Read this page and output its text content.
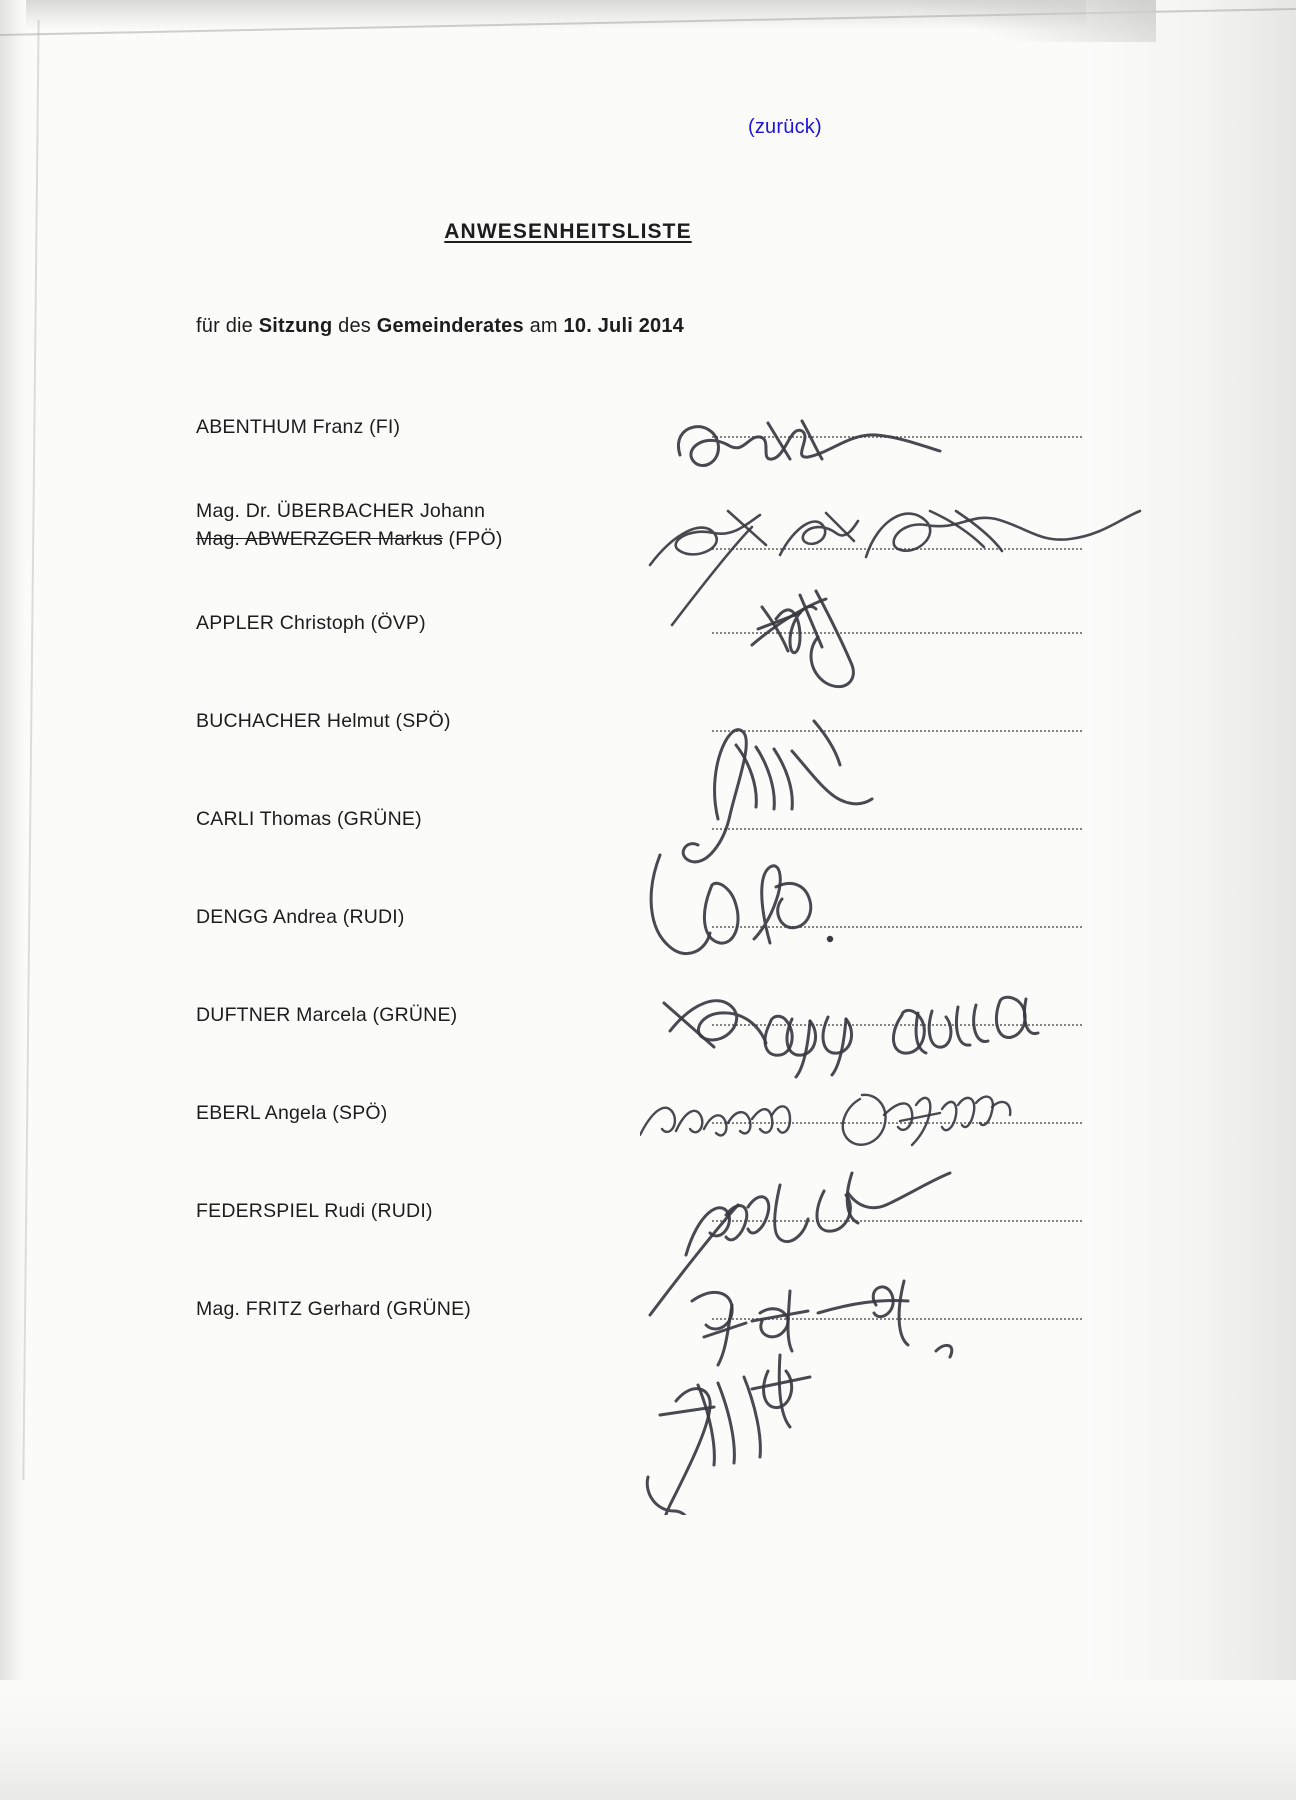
(zurück)
ANWESENHEITSLISTE
für die Sitzung des Gemeinderates am 10. Juli 2014
ABENTHUM Franz (FI)
Mag. Dr. ÜBERBACHER Johann
Mag. ABWERZGER Markus (FPÖ)
APPLER Christoph (ÖVP)
BUCHACHER Helmut (SPÖ)
CARLI Thomas (GRÜNE)
DENGG Andrea (RUDI)
DUFTNER Marcela (GRÜNE)
EBERL Angela (SPÖ)
FEDERSPIEL Rudi (RUDI)
Mag. FRITZ Gerhard (GRÜNE)
